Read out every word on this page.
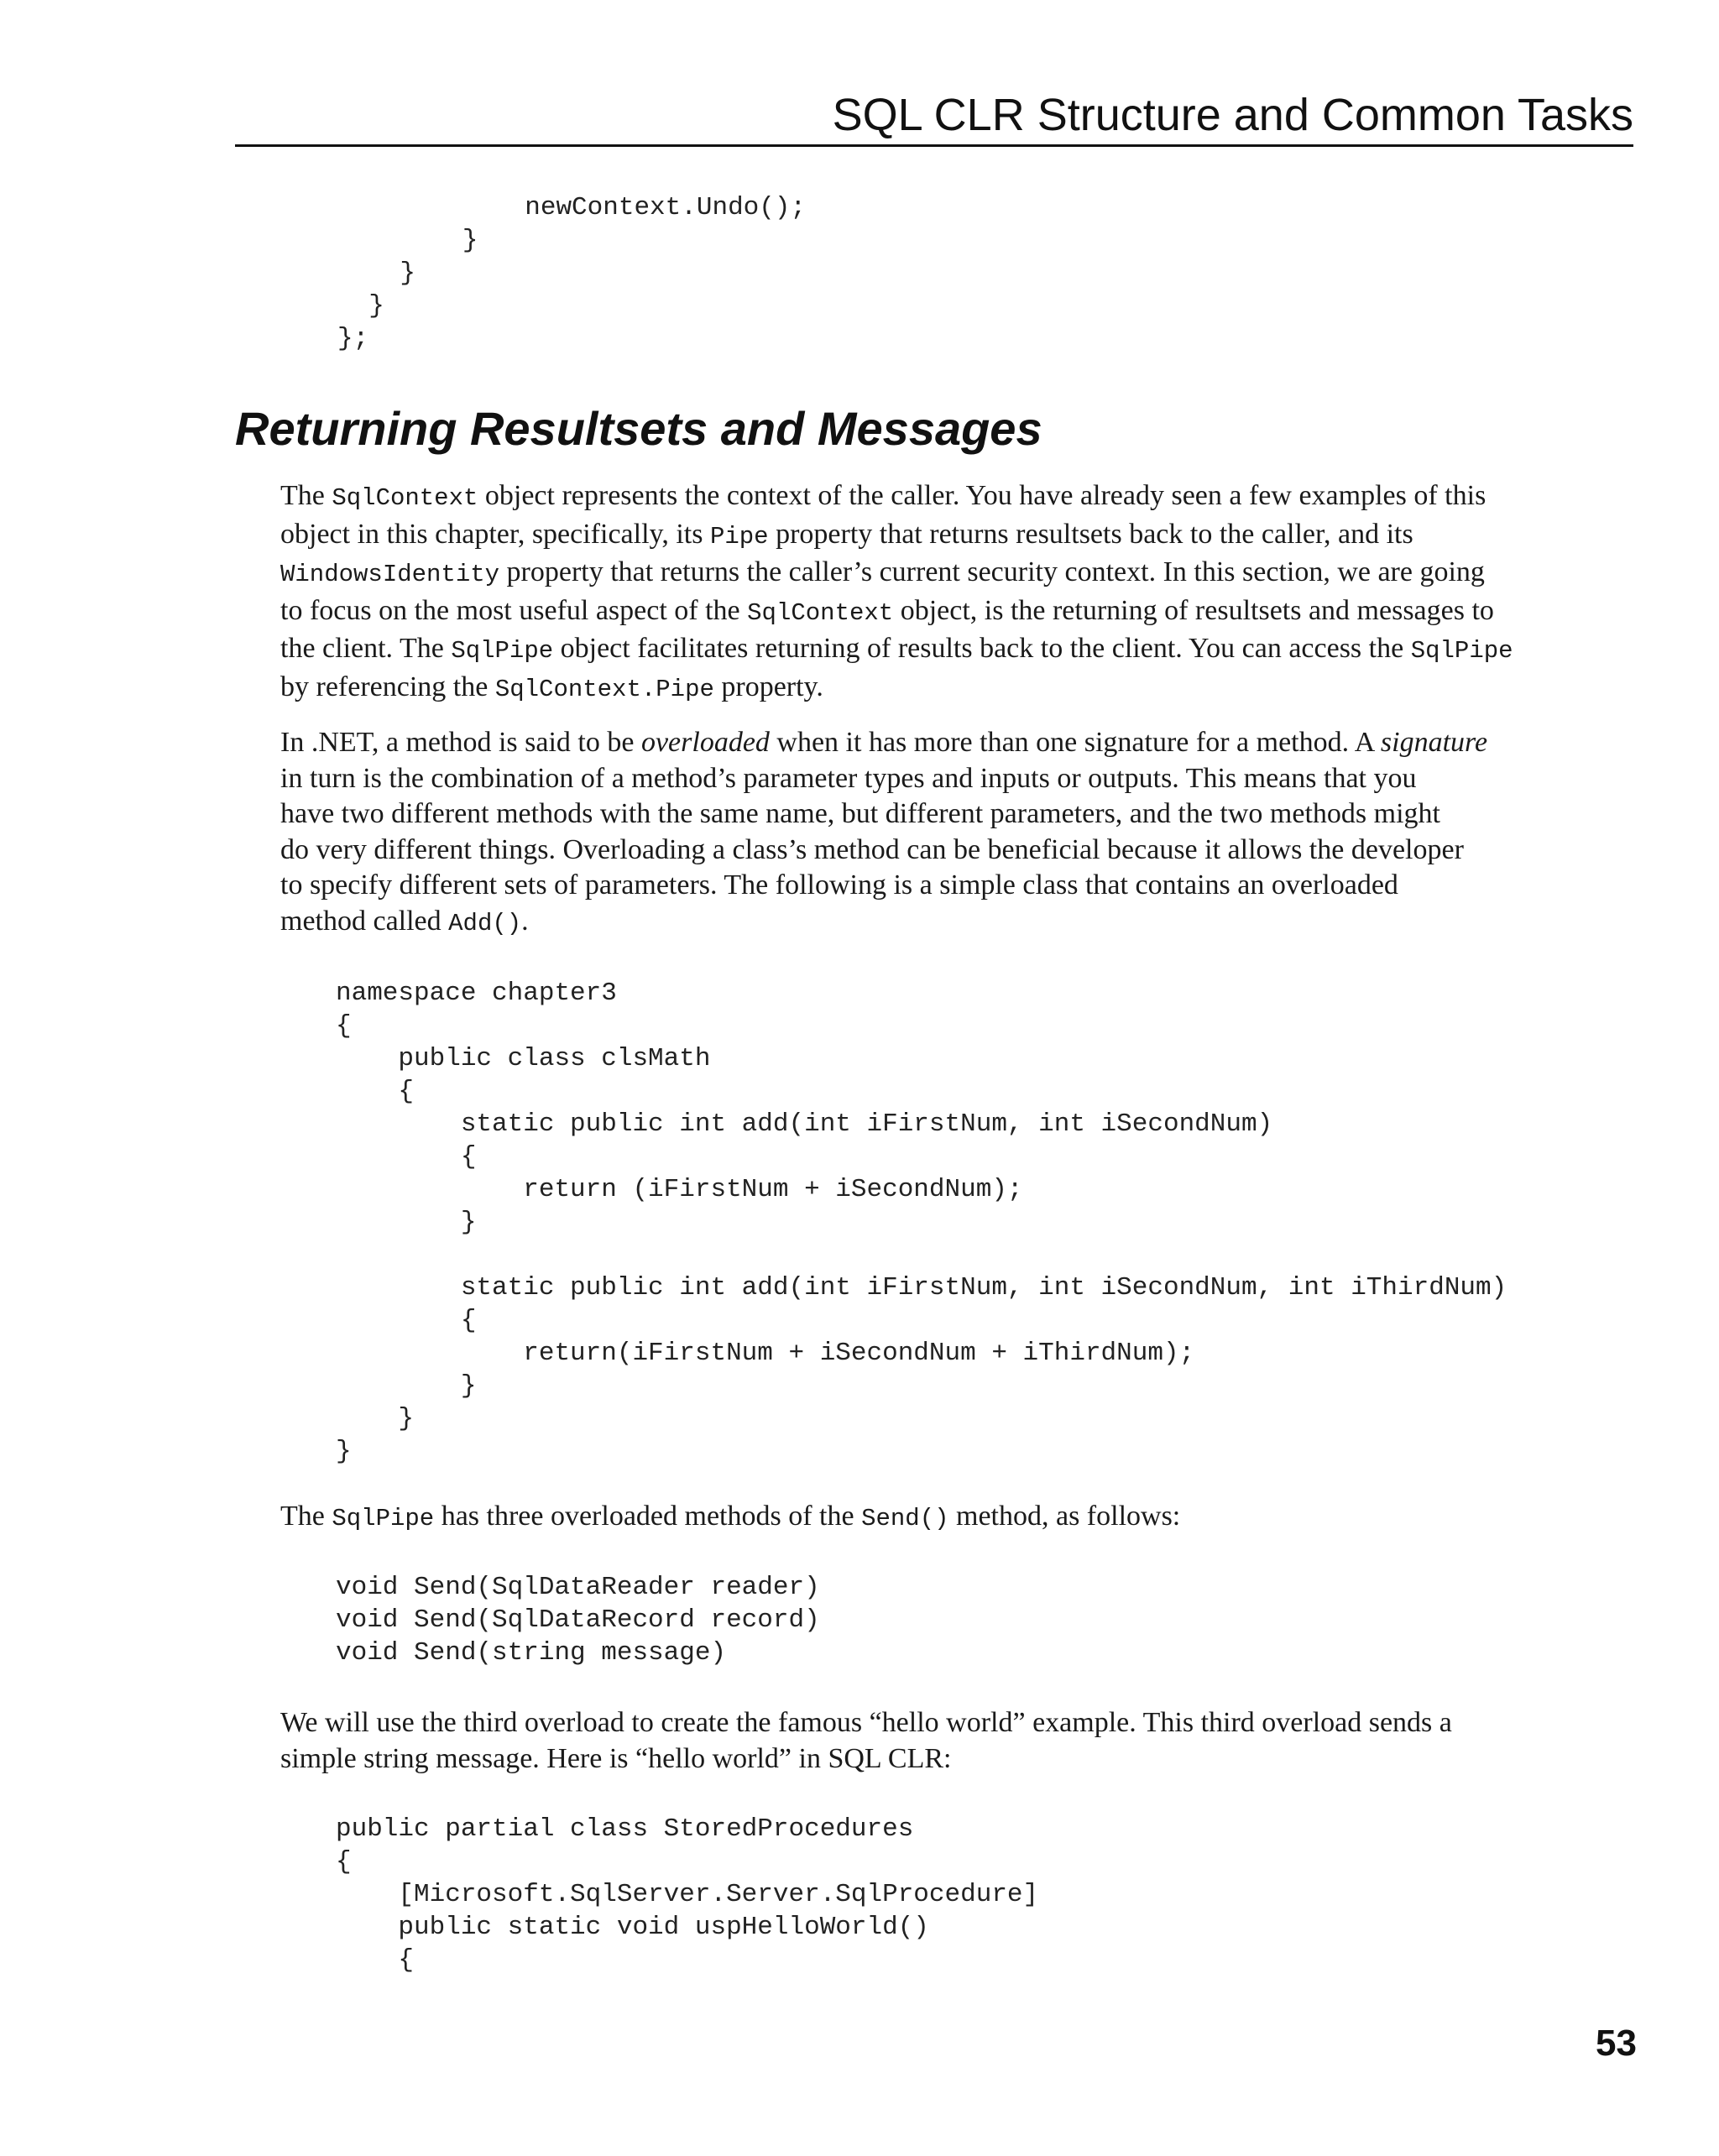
SQL CLR Structure and Common Tasks
newContext.Undo();
}
}
}
};
Returning Resultsets and Messages

The SqlContext object represents the context of the caller. You have already seen a few examples of this
object in this chapter, specifically, its Pipe property that returns resultsets back to the caller, and its
WindowsIdentity property that returns the caller’s current security context. In this section, we are going
to focus on the most useful aspect of the SqlContext object, is the returning of resultsets and messages to
the client. The SqlPipe object facilitates returning of results back to the client. You can access the SqlPipe
by referencing the SqlContext.Pipe property.

In .NET, a method is said to be overloaded when it has more than one signature for a method. A signature
in turn is the combination of a method’s parameter types and inputs or outputs. This means that you
have two different methods with the same name, but different parameters, and the two methods might
do very different things. Overloading a class’s method can be beneficial because it allows the developer
to specify different sets of parameters. The following is a simple class that contains an overloaded
method called Add().

namespace chapter3
{
public class clsMath
{
static public int add(int iFirstNum, int iSecondNum)
{
return (iFirstNum + iSecondNum);
}

static public int add(int iFirstNum, int iSecondNum, int iThirdNum)
{
return(iFirstNum + iSecondNum + iThirdNum);
}
}
}

The SqlPipe has three overloaded methods of the Send() method, as follows:

void Send(SqlDataReader reader)
void Send(SqlDataRecord record)
void Send(string message)

We will use the third overload to create the famous “hello world” example. This third overload sends a
simple string message. Here is “hello world” in SQL CLR:

public partial class StoredProcedures
{
[Microsoft.SqlServer.Server.SqlProcedure]
public static void uspHelloWorld()
{
53
